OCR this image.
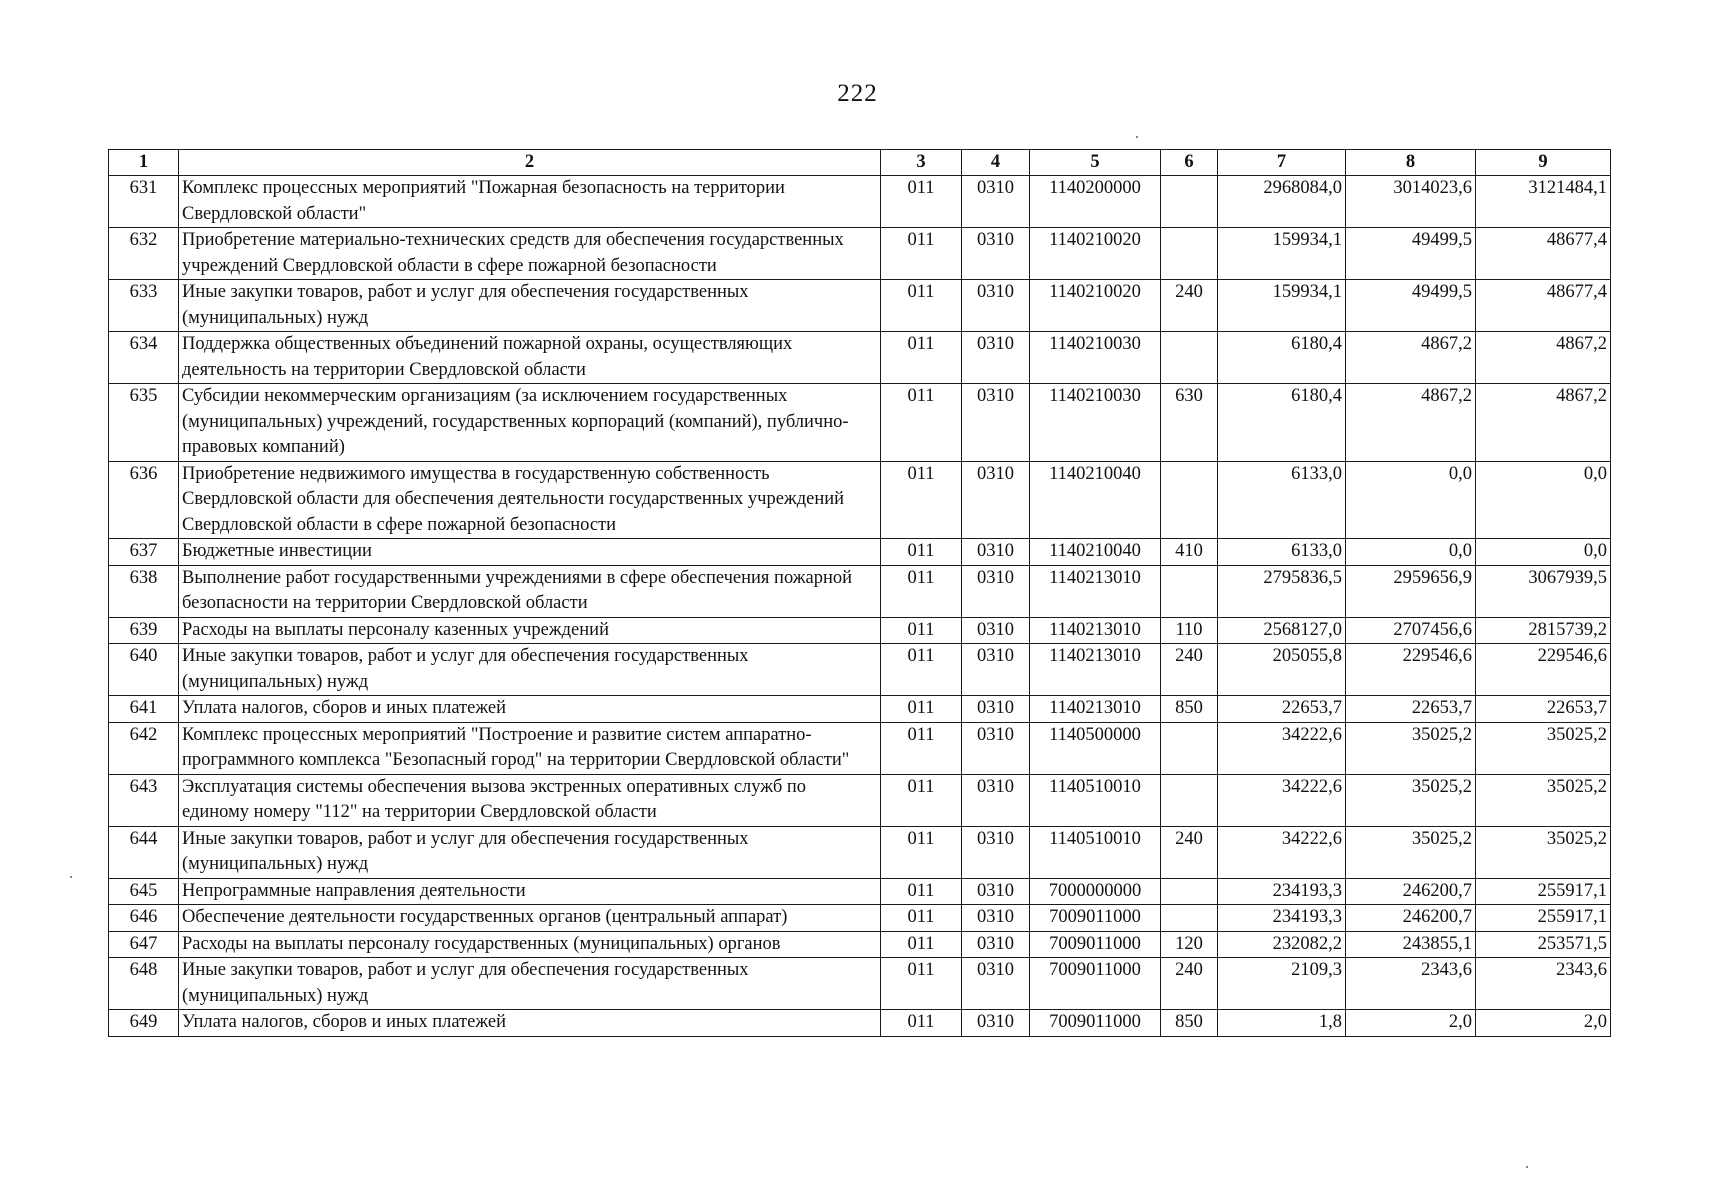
222
1	2	3	4	5	6	7	8	9
631	Комплекс процессных мероприятий "Пожарная безопасность на территории Свердловской области"	011	0310	1140200000		2968084,0	3014023,6	3121484,1
632	Приобретение материально-технических средств для обеспечения государственных учреждений Свердловской области в сфере пожарной безопасности	011	0310	1140210020		159934,1	49499,5	48677,4
633	Иные закупки товаров, работ и услуг для обеспечения государственных (муниципальных) нужд	011	0310	1140210020	240	159934,1	49499,5	48677,4
634	Поддержка общественных объединений пожарной охраны, осуществляющих деятельность на территории Свердловской области	011	0310	1140210030		6180,4	4867,2	4867,2
635	Субсидии некоммерческим организациям (за исключением государственных (муниципальных) учреждений, государственных корпораций (компаний), публично-правовых компаний)	011	0310	1140210030	630	6180,4	4867,2	4867,2
636	Приобретение недвижимого имущества в государственную собственность Свердловской области для обеспечения деятельности государственных учреждений Свердловской области в сфере пожарной безопасности	011	0310	1140210040		6133,0	0,0	0,0
637	Бюджетные инвестиции	011	0310	1140210040	410	6133,0	0,0	0,0
638	Выполнение работ государственными учреждениями в сфере обеспечения пожарной безопасности на территории Свердловской области	011	0310	1140213010		2795836,5	2959656,9	3067939,5
639	Расходы на выплаты персоналу казенных учреждений	011	0310	1140213010	110	2568127,0	2707456,6	2815739,2
640	Иные закупки товаров, работ и услуг для обеспечения государственных (муниципальных) нужд	011	0310	1140213010	240	205055,8	229546,6	229546,6
641	Уплата налогов, сборов и иных платежей	011	0310	1140213010	850	22653,7	22653,7	22653,7
642	Комплекс процессных мероприятий "Построение и развитие систем аппаратно-программного комплекса "Безопасный город" на территории Свердловской области"	011	0310	1140500000		34222,6	35025,2	35025,2
643	Эксплуатация системы обеспечения вызова экстренных оперативных служб по единому номеру "112" на территории Свердловской области	011	0310	1140510010		34222,6	35025,2	35025,2
644	Иные закупки товаров, работ и услуг для обеспечения государственных (муниципальных) нужд	011	0310	1140510010	240	34222,6	35025,2	35025,2
645	Непрограммные направления деятельности	011	0310	7000000000		234193,3	246200,7	255917,1
646	Обеспечение деятельности государственных органов (центральный аппарат)	011	0310	7009011000		234193,3	246200,7	255917,1
647	Расходы на выплаты персоналу государственных (муниципальных) органов	011	0310	7009011000	120	232082,2	243855,1	253571,5
648	Иные закупки товаров, работ и услуг для обеспечения государственных (муниципальных) нужд	011	0310	7009011000	240	2109,3	2343,6	2343,6
649	Уплата налогов, сборов и иных платежей	011	0310	7009011000	850	1,8	2,0	2,0
